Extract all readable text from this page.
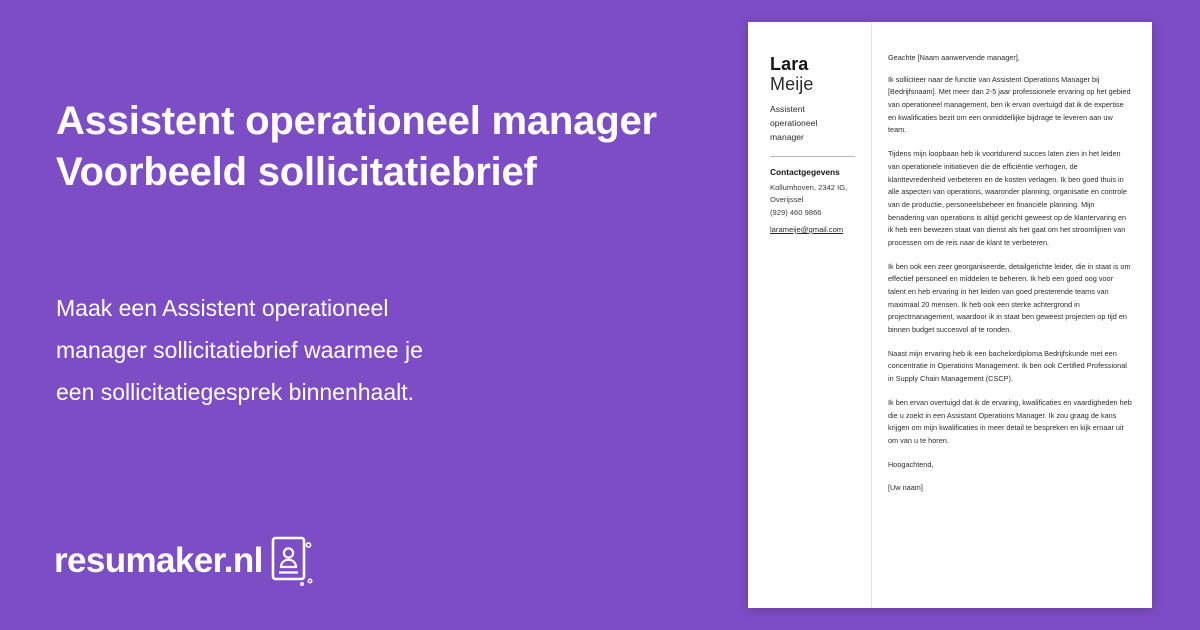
Assistent operationeel manager
Voorbeeld sollicitatiebrief
Maak een Assistent operationeel
manager sollicitatiebrief waarmee je
een sollicitatiegesprek binnenhaalt.
resumaker.nl
Lara
Meije
Assistent
operationeel
manager
Contactgegevens
Kollumhoven, 2342 IG,
Overijssel
(929) 460 9866
larameije@gmail.com

Geachte [Naam aanwervende manager],

Ik solliciteer naar de functie van Assistent Operations Manager bij [Bedrijfsnaam]. Met meer dan 2-5 jaar professionele ervaring op het gebied van operationeel management, ben ik ervan overtuigd dat ik de expertise en kwalificaties bezit om een onmiddellijke bijdrage te leveren aan uw team.

Tijdens mijn loopbaan heb ik voortdurend succes laten zien in het leiden van operationele initiatieven die de efficiëntie verhogen, de klanttevredenheid verbeteren en de kosten verlagen. Ik ben goed thuis in alle aspecten van operations, waaronder planning, organisatie en controle van de productie, personeelsbeheer en financiële planning. Mijn benadering van operations is altijd gericht geweest op de klantervaring en ik heb een bewezen staat van dienst als het gaat om het stroomlijnen van processen om de reis naar de klant te verbeteren.

Ik ben ook een zeer georganiseerde, detailgerichte leider, die in staat is om effectief personeel en middelen te beheren. Ik heb een goed oog voor talent en heb ervaring in het leiden van goed presterende teams van maximaal 20 mensen. Ik heb ook een sterke achtergrond in projectmanagement, waardoor ik in staat ben geweest projecten op tijd en binnen budget succesvol af te ronden.

Naast mijn ervaring heb ik een bachelordiploma Bedrijfskunde met een concentratie in Operations Management. Ik ben ook Certified Professional in Supply Chain Management (CSCP).

Ik ben ervan overtuigd dat ik de ervaring, kwalificaties en vaardigheden heb die u zoekt in een Assistant Operations Manager. Ik zou graag de kans krijgen om mijn kwalificaties in meer detail te bespreken en kijk ernaar uit om van u te horen.

Hoogachtend,

[Uw naam]
